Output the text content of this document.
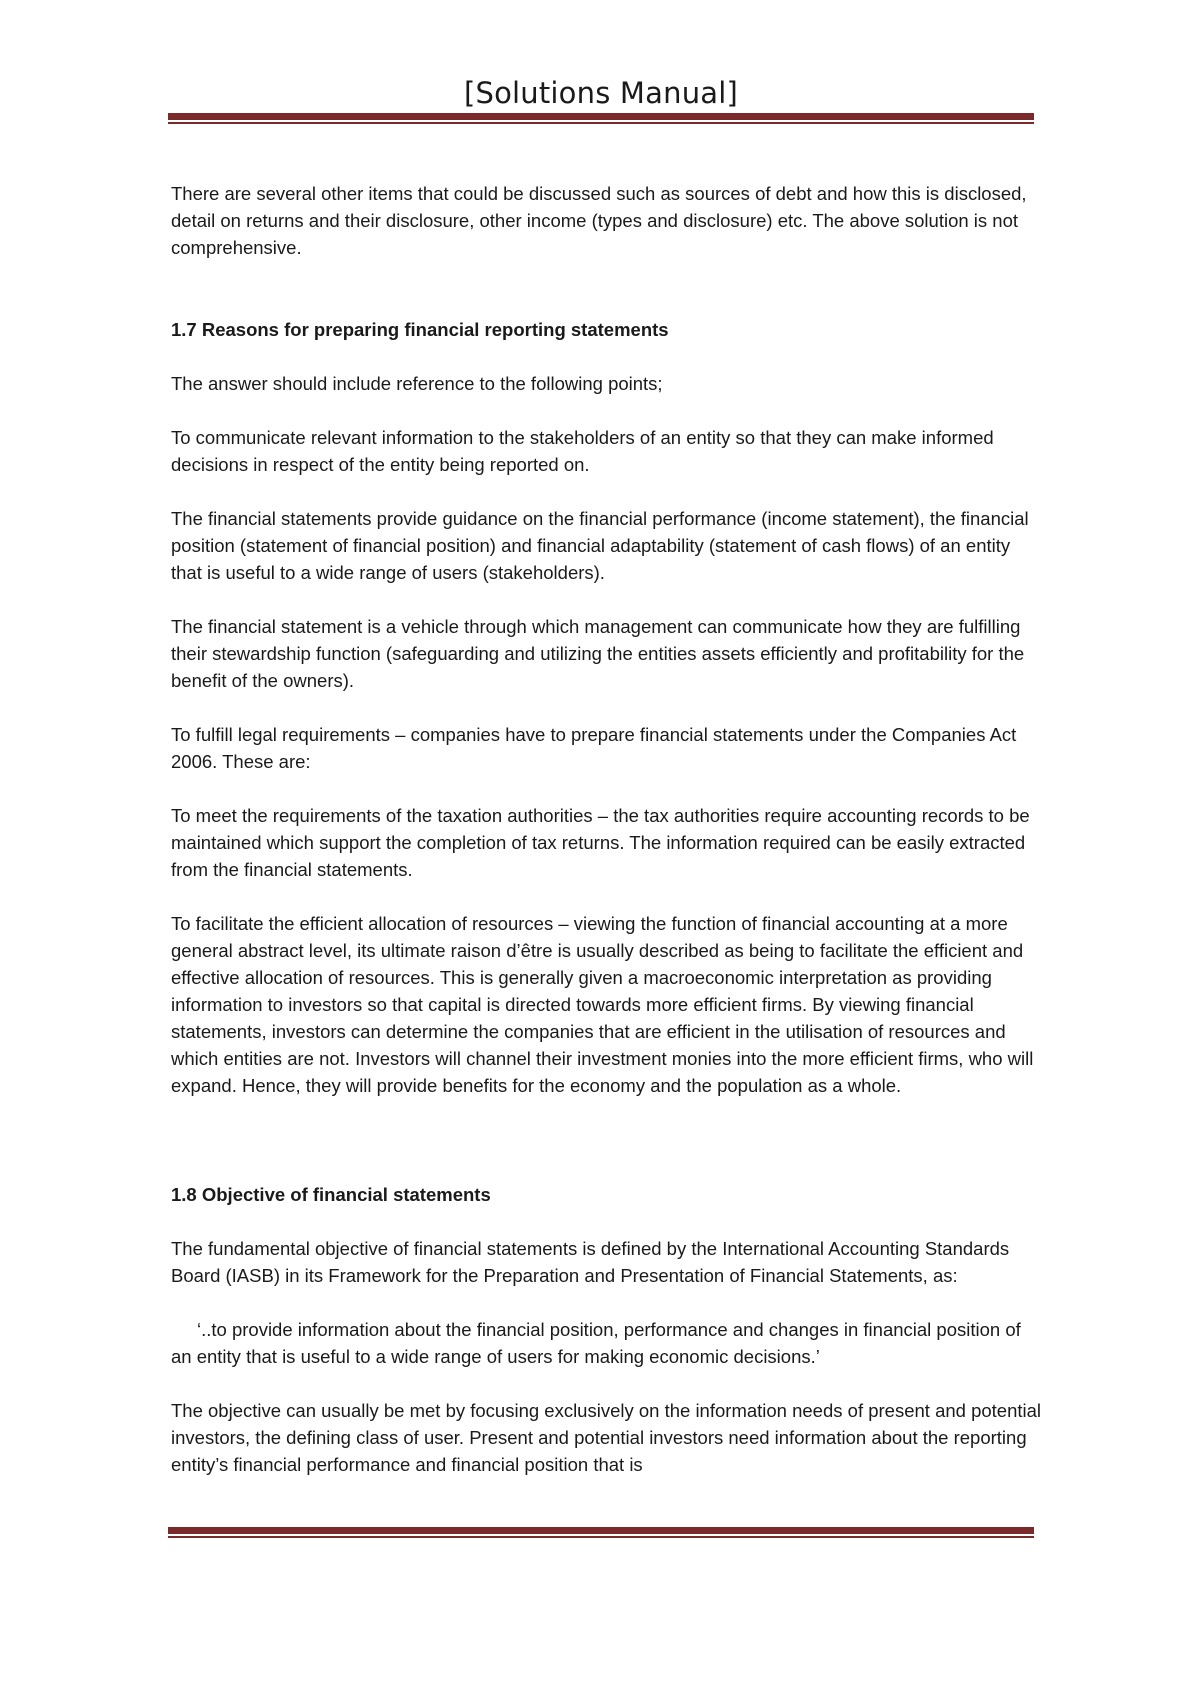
[Solutions Manual]

There are several other items that could be discussed such as sources of debt and how this is disclosed, detail on returns and their disclosure, other income (types and disclosure) etc. The above solution is not comprehensive.

1.7 Reasons for preparing financial reporting statements

The answer should include reference to the following points;

To communicate relevant information to the stakeholders of an entity so that they can make informed decisions in respect of the entity being reported on.

The financial statements provide guidance on the financial performance (income statement), the financial position (statement of financial position) and financial adaptability (statement of cash flows) of an entity that is useful to a wide range of users (stakeholders).

The financial statement is a vehicle through which management can communicate how they are fulfilling their stewardship function (safeguarding and utilizing the entities assets efficiently and profitability for the benefit of the owners).

To fulfill legal requirements – companies have to prepare financial statements under the Companies Act 2006. These are:

To meet the requirements of the taxation authorities – the tax authorities require accounting records to be maintained which support the completion of tax returns. The information required can be easily extracted from the financial statements.

To facilitate the efficient allocation of resources – viewing the function of financial accounting at a more general abstract level, its ultimate raison d’être is usually described as being to facilitate the efficient and effective allocation of resources. This is generally given a macroeconomic interpretation as providing information to investors so that capital is directed towards more efficient firms. By viewing financial statements, investors can determine the companies that are efficient in the utilisation of resources and which entities are not. Investors will channel their investment monies into the more efficient firms, who will expand. Hence, they will provide benefits for the economy and the population as a whole.

1.8 Objective of financial statements

The fundamental objective of financial statements is defined by the International Accounting Standards Board (IASB) in its Framework for the Preparation and Presentation of Financial Statements, as:

‘..to provide information about the financial position, performance and changes in financial position of an entity that is useful to a wide range of users for making economic decisions.’

The objective can usually be met by focusing exclusively on the information needs of present and potential investors, the defining class of user. Present and potential investors need information about the reporting entity’s financial performance and financial position that is
